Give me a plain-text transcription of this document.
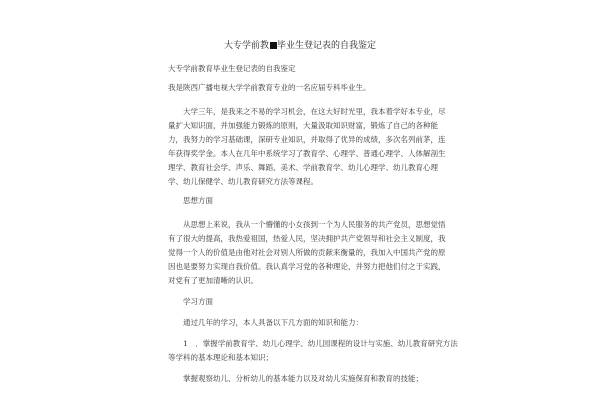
大专学前教 毕业生登记表的自我鉴定
大专学前教育毕业生登记表的自我鉴定
我是陕西广播电视大学学前教育专业的一名应届专科毕业生。
大学三年，是我来之不易的学习机会，在这大好时光里，我本着学好本专业，尽
量扩大知识面，并加强能力锻炼的原则，大量汲取知识财富，锻炼了自己的各种能
力，我努力的学习基础课，深研专业知识，并取得了优异的成绩，多次名列前茅，连
年获得奖学金。本人在几年中系统学习了教育学、心理学、普通心理学、人体解剖生
理学、教育社会学、声乐、舞蹈、美术、学前教育学、幼儿心理学、幼儿教育心理
学、幼儿保健学、幼儿教育研究方法等课程。
思想方面
从思想上来说，我从一个懵懂的小女孩到一个为人民服务的共产党员，思想觉悟
有了很大的提高，我热爱祖国，热爱人民，坚决拥护共产党领导和社会主义制度，我
觉得一个人的价值是由他对社会对别人所做的贡献来衡量的，我加入中国共产党的原
因也是要努力实现自我价值。我认真学习党的各种理论，并努力把他们付之于实践，
对党有了更加清晰的认识。
学习方面
通过几年的学习，本人具备以下几方面的知识和能力：
1　．掌握学前教育学、幼儿心理学、幼儿园课程的设计与实施、幼儿教育研究方法
等学科的基本理论和基本知识；
掌握观察幼儿、分析幼儿的基本能力以及对幼儿实施保育和教育的技能；
